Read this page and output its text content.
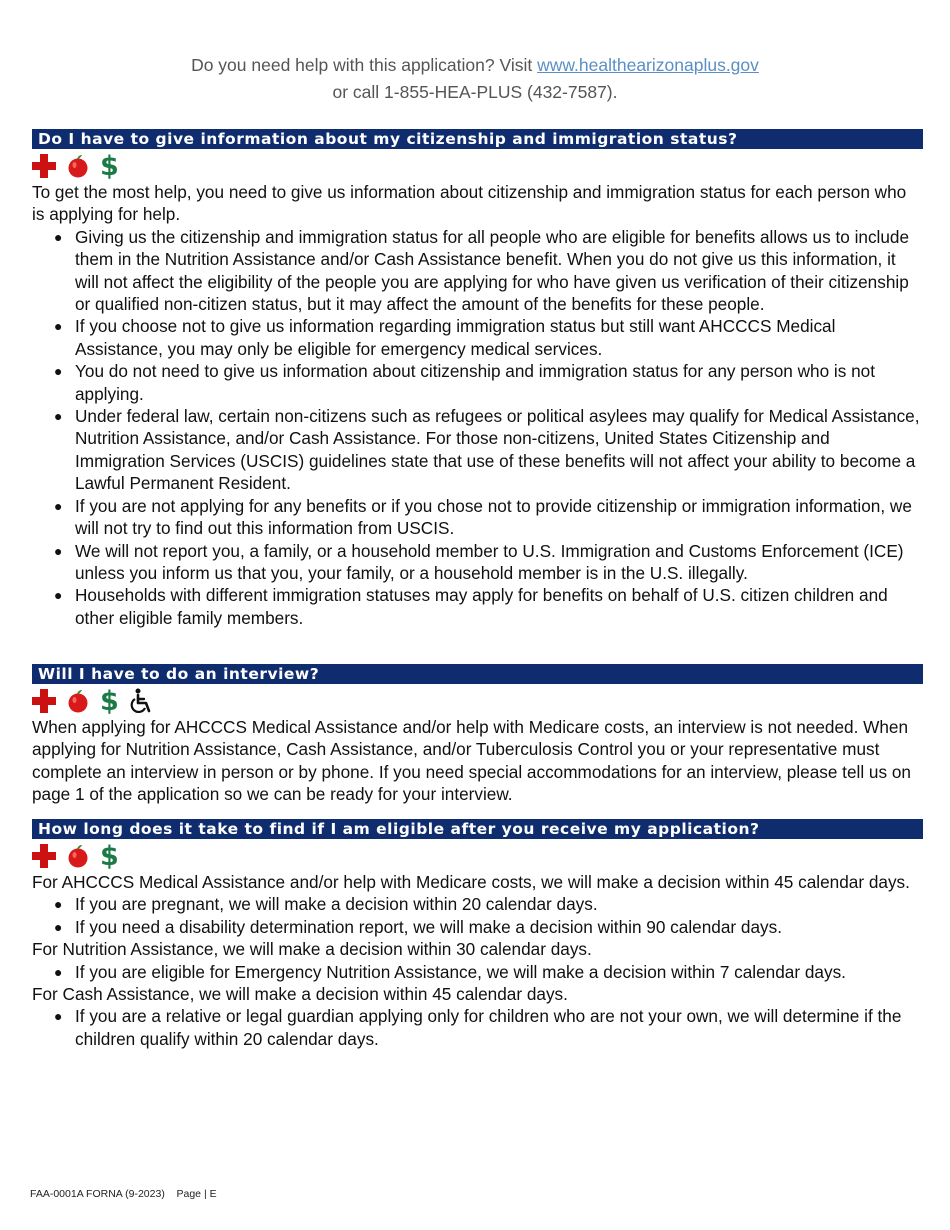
Do you need help with this application? Visit www.healthearizonaplus.gov
or call 1-855-HEA-PLUS (432-7587).
Do I have to give information about my citizenship and immigration status?
$

To get the most help, you need to give us information about citizenship and immigration status for each person who is applying for help.

● Giving us the citizenship and immigration status for all people who are eligible for benefits allows us to include them in the Nutrition Assistance and/or Cash Assistance benefit. When you do not give us this information, it will not affect the eligibility of the people you are applying for who have given us verification of their citizenship or qualified non-citizen status, but it may affect the amount of the benefits for these people.
● If you choose not to give us information regarding immigration status but still want AHCCCS Medical Assistance, you may only be eligible for emergency medical services.
● You do not need to give us information about citizenship and immigration status for any person who is not applying.
● Under federal law, certain non-citizens such as refugees or political asylees may qualify for Medical Assistance, Nutrition Assistance, and/or Cash Assistance. For those non-citizens, United States Citizenship and Immigration Services (USCIS) guidelines state that use of these benefits will not affect your ability to become a Lawful Permanent Resident.
● If you are not applying for any benefits or if you chose not to provide citizenship or immigration information, we will not try to find out this information from USCIS.
● We will not report you, a family, or a household member to U.S. Immigration and Customs Enforcement (ICE) unless you inform us that you, your family, or a household member is in the U.S. illegally.
● Households with different immigration statuses may apply for benefits on behalf of U.S. citizen children and other eligible family members.
Will I have to do an interview?
$

When applying for AHCCCS Medical Assistance and/or help with Medicare costs, an interview is not needed. When applying for Nutrition Assistance, Cash Assistance, and/or Tuberculosis Control you or your representative must complete an interview in person or by phone. If you need special accommodations for an interview, please tell us on page 1 of the application so we can be ready for your interview.

How long does it take to find if I am eligible after you receive my application?
$

For AHCCCS Medical Assistance and/or help with Medicare costs, we will make a decision within 45 calendar days.

● If you are pregnant, we will make a decision within 20 calendar days.
● If you need a disability determination report, we will make a decision within 90 calendar days.

For Nutrition Assistance, we will make a decision within 30 calendar days.

● If you are eligible for Emergency Nutrition Assistance, we will make a decision within 7 calendar days.

For Cash Assistance, we will make a decision within 45 calendar days.

● If you are a relative or legal guardian applying only for children who are not your own, we will determine if the children qualify within 20 calendar days.
FAA-0001A FORNA (9-2023) Page | E
